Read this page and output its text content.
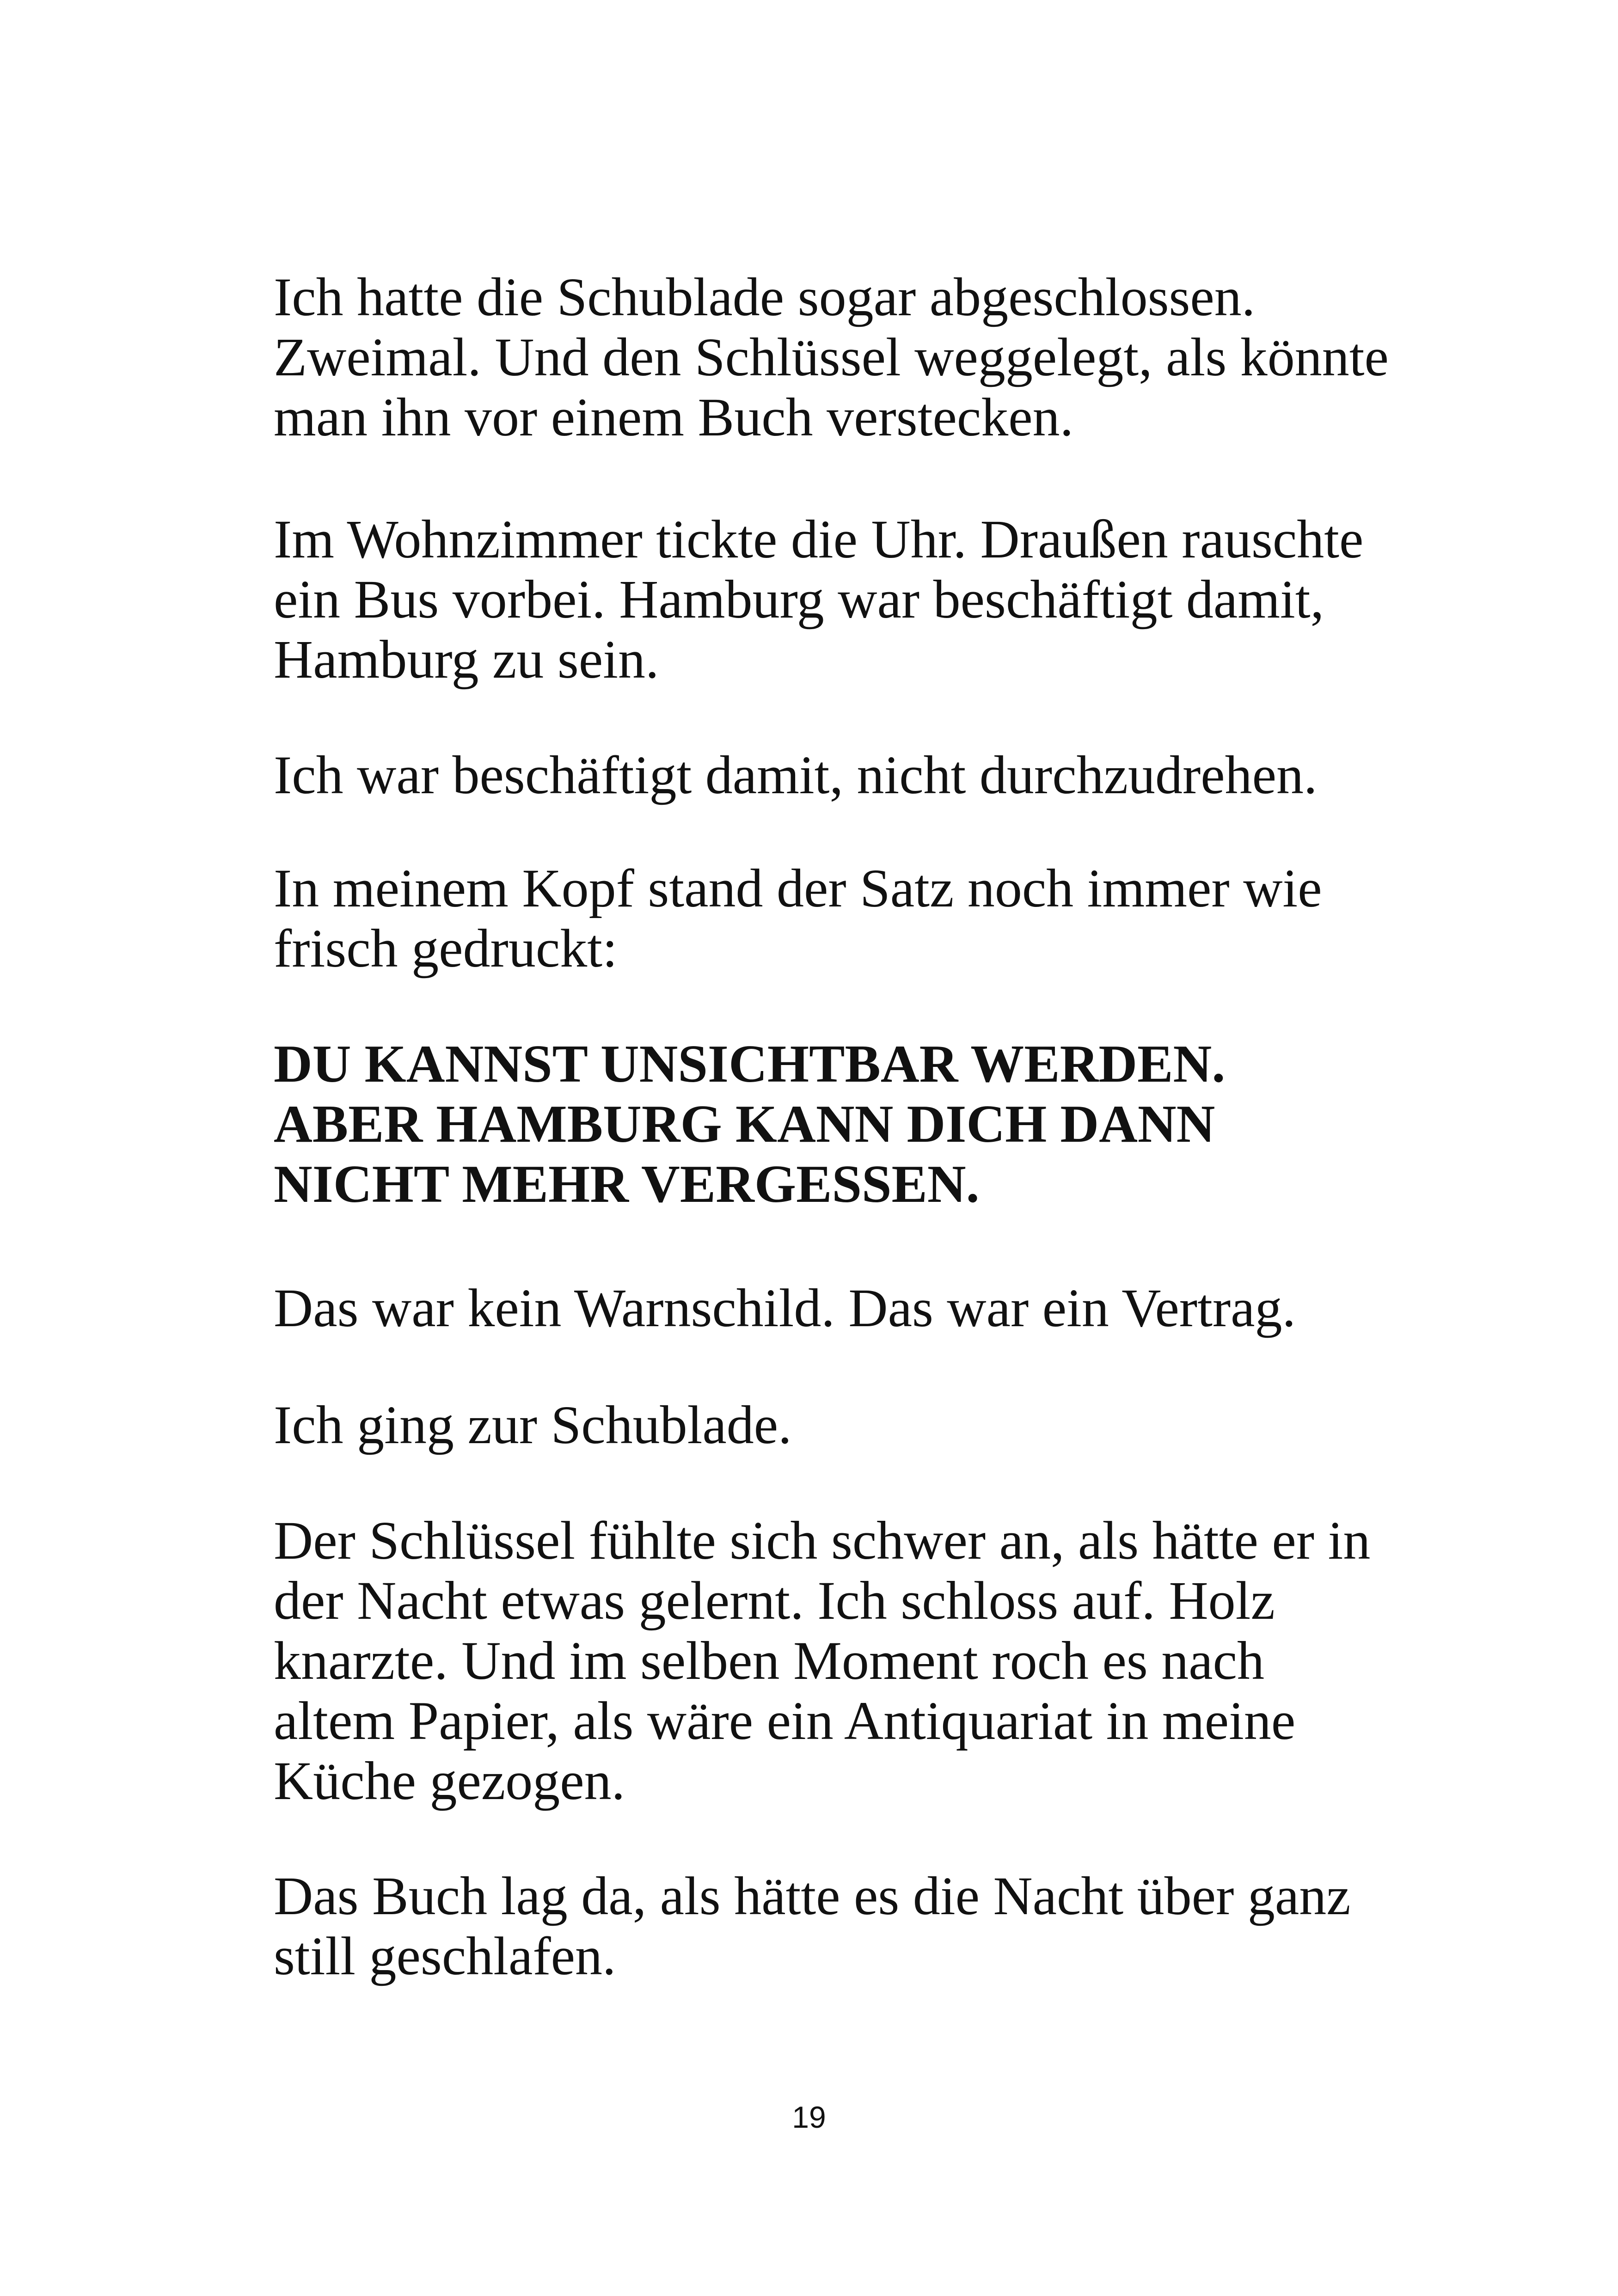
Ich hatte die Schublade sogar abgeschlossen.
Zweimal. Und den Schlüssel weggelegt, als könnte
man ihn vor einem Buch verstecken.

Im Wohnzimmer tickte die Uhr. Draußen rauschte
ein Bus vorbei. Hamburg war beschäftigt damit,
Hamburg zu sein.

Ich war beschäftigt damit, nicht durchzudrehen.

In meinem Kopf stand der Satz noch immer wie
frisch gedruckt:

DU KANNST UNSICHTBAR WERDEN.
ABER HAMBURG KANN DICH DANN
NICHT MEHR VERGESSEN.

Das war kein Warnschild. Das war ein Vertrag.

Ich ging zur Schublade.

Der Schlüssel fühlte sich schwer an, als hätte er in
der Nacht etwas gelernt. Ich schloss auf. Holz
knarzte. Und im selben Moment roch es nach
altem Papier, als wäre ein Antiquariat in meine
Küche gezogen.

Das Buch lag da, als hätte es die Nacht über ganz
still geschlafen.

19
